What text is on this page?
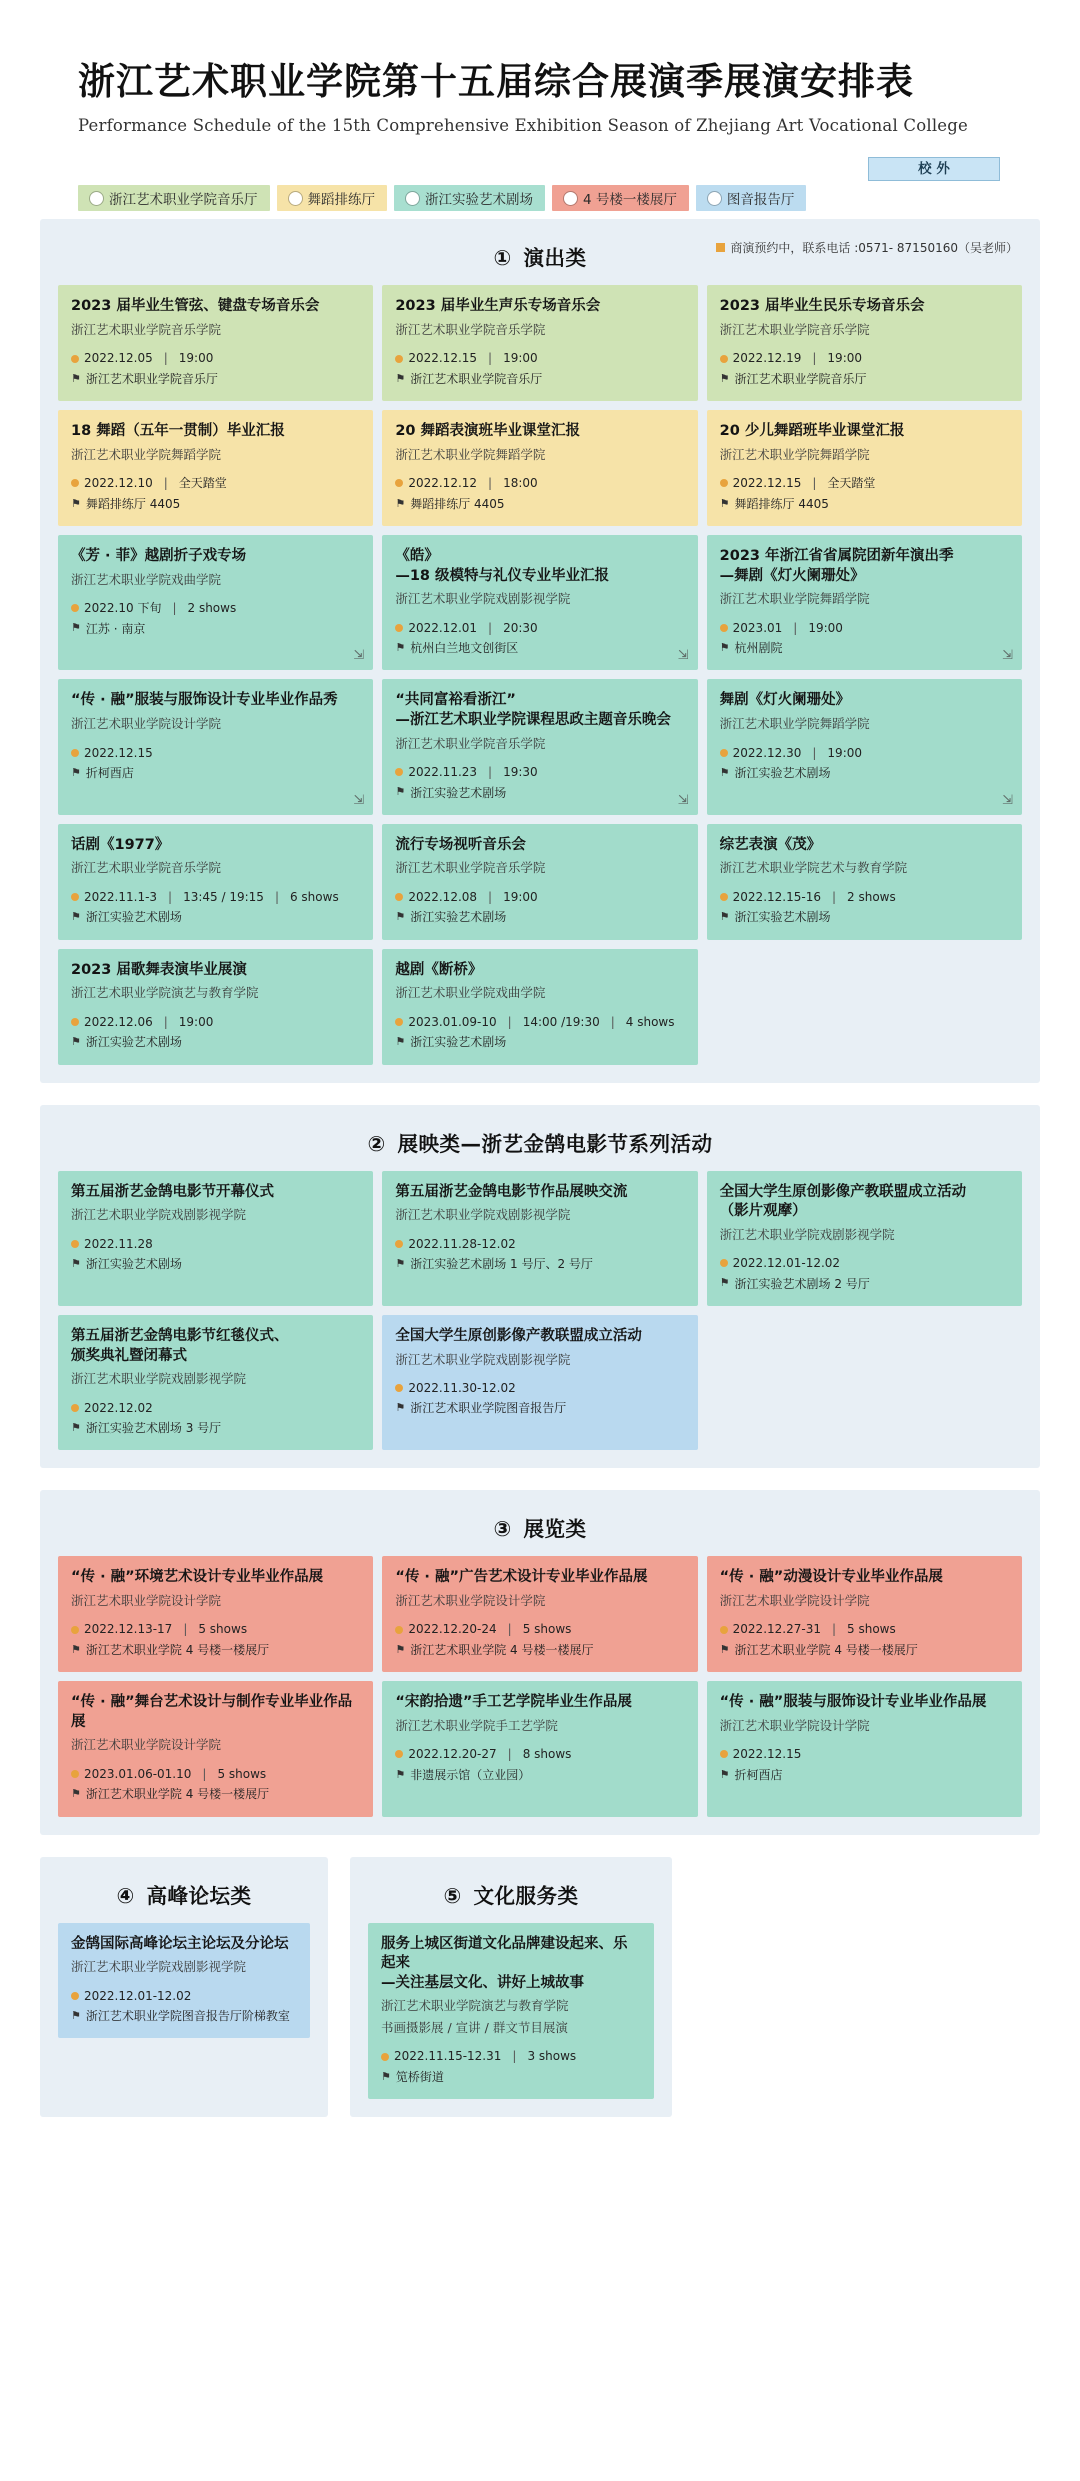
浙江艺术职业学院第十五届综合展演季展演安排表
Performance Schedule of the 15th Comprehensive Exhibition Season of Zhejiang Art Vocational College
校 外
浙江艺术职业学院音乐厅	舞蹈排练厅	浙江实验艺术剧场	4 号楼一楼展厅	图音报告厅
① 演出类	商演预约中，联系电话 :0571- 87150160（吴老师）
2023 届毕业生管弦、键盘专场音乐会
浙江艺术职业学院音乐学院
2022.12.05 | 19:00
⚑ 浙江艺术职业学院音乐厅
2023 届毕业生声乐专场音乐会
浙江艺术职业学院音乐学院
2022.12.15 | 19:00
⚑ 浙江艺术职业学院音乐厅
2023 届毕业生民乐专场音乐会
浙江艺术职业学院音乐学院
2022.12.19 | 19:00
⚑ 浙江艺术职业学院音乐厅
18 舞蹈（五年一贯制）毕业汇报
浙江艺术职业学院舞蹈学院
2022.12.10 | 全天踏堂
⚑ 舞蹈排练厅 4405
20 舞蹈表演班毕业课堂汇报
浙江艺术职业学院舞蹈学院
2022.12.12 | 18:00
⚑ 舞蹈排练厅 4405
20 少儿舞蹈班毕业课堂汇报
浙江艺术职业学院舞蹈学院
2022.12.15 | 全天踏堂
⚑ 舞蹈排练厅 4405
《芳 · 菲》越剧折子戏专场
浙江艺术职业学院戏曲学院
2022.10 下旬 | 2 shows
⚑ 江苏 · 南京
⇲
《皓》
—18 级模特与礼仪专业毕业汇报
浙江艺术职业学院戏剧影视学院
2022.12.01 | 20:30
⚑ 杭州白兰地文创街区
⇲
2023 年浙江省省属院团新年演出季
—舞剧《灯火阑珊处》
浙江艺术职业学院舞蹈学院
2023.01 | 19:00
⚑ 杭州剧院
⇲
“传 · 融”服装与服饰设计专业毕业作品秀
浙江艺术职业学院设计学院
2022.12.15
⚑ 折柯酉店
⇲
“共同富裕看浙江”
—浙江艺术职业学院课程思政主题音乐晚会
浙江艺术职业学院音乐学院
2022.11.23 | 19:30
⚑ 浙江实验艺术剧场
⇲
舞剧《灯火阑珊处》
浙江艺术职业学院舞蹈学院
2022.12.30 | 19:00
⚑ 浙江实验艺术剧场
⇲
话剧《1977》
浙江艺术职业学院音乐学院
2022.11.1-3 | 13:45 / 19:15 | 6 shows
⚑ 浙江实验艺术剧场
流行专场视听音乐会
浙江艺术职业学院音乐学院
2022.12.08 | 19:00
⚑ 浙江实验艺术剧场
综艺表演《茂》
浙江艺术职业学院艺术与教育学院
2022.12.15-16 | 2 shows
⚑ 浙江实验艺术剧场
2023 届歌舞表演毕业展演
浙江艺术职业学院演艺与教育学院
2022.12.06 | 19:00
⚑ 浙江实验艺术剧场
越剧《断桥》
浙江艺术职业学院戏曲学院
2023.01.09-10 | 14:00 /19:30 | 4 shows
⚑ 浙江实验艺术剧场
② 展映类—浙艺金鹄电影节系列活动
第五届浙艺金鹄电影节开幕仪式
浙江艺术职业学院戏剧影视学院
2022.11.28
⚑ 浙江实验艺术剧场
第五届浙艺金鹄电影节作品展映交流
浙江艺术职业学院戏剧影视学院
2022.11.28-12.02
⚑ 浙江实验艺术剧场 1 号厅、2 号厅
全国大学生原创影像产教联盟成立活动
（影片观摩）
浙江艺术职业学院戏剧影视学院
2022.12.01-12.02
⚑ 浙江实验艺术剧场 2 号厅
第五届浙艺金鹄电影节红毯仪式、
颁奖典礼暨闭幕式
浙江艺术职业学院戏剧影视学院
2022.12.02
⚑ 浙江实验艺术剧场 3 号厅
全国大学生原创影像产教联盟成立活动
浙江艺术职业学院戏剧影视学院
2022.11.30-12.02
⚑ 浙江艺术职业学院图音报告厅
③ 展览类
“传 · 融”环境艺术设计专业毕业作品展
浙江艺术职业学院设计学院
2022.12.13-17 | 5 shows
⚑ 浙江艺术职业学院 4 号楼一楼展厅
“传 · 融”广告艺术设计专业毕业作品展
浙江艺术职业学院设计学院
2022.12.20-24 | 5 shows
⚑ 浙江艺术职业学院 4 号楼一楼展厅
“传 · 融”动漫设计专业毕业作品展
浙江艺术职业学院设计学院
2022.12.27-31 | 5 shows
⚑ 浙江艺术职业学院 4 号楼一楼展厅
“传 · 融”舞台艺术设计与制作专业毕业作品展
浙江艺术职业学院设计学院
2023.01.06-01.10 | 5 shows
⚑ 浙江艺术职业学院 4 号楼一楼展厅
“宋韵拾遗”手工艺学院毕业生作品展
浙江艺术职业学院手工艺学院
2022.12.20-27 | 8 shows
⚑ 非遗展示馆（立业园）
“传 · 融”服装与服饰设计专业毕业作品展
浙江艺术职业学院设计学院
2022.12.15
⚑ 折柯酉店
④ 高峰论坛类
金鹄国际高峰论坛主论坛及分论坛
浙江艺术职业学院戏剧影视学院
2022.12.01-12.02
⚑ 浙江艺术职业学院图音报告厅阶梯教室
⑤ 文化服务类
服务上城区街道文化品牌建设起来、乐起来
—关注基层文化、讲好上城故事
浙江艺术职业学院演艺与教育学院
书画摄影展 / 宣讲 / 群文节目展演
2022.11.15-12.31 | 3 shows
⚑ 笕桥街道
